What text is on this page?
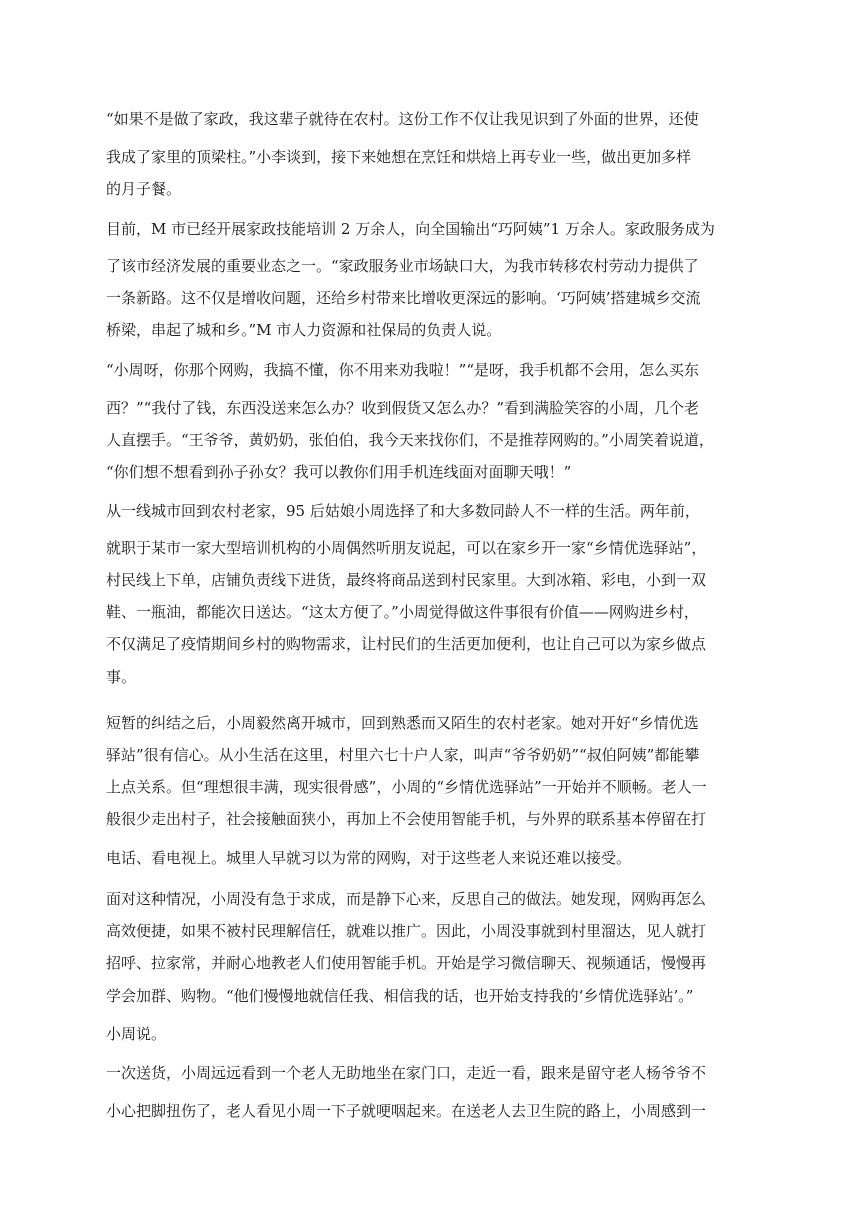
“如果不是做了家政，我这辈子就待在农村。这份工作不仅让我见识到了外面的世界，还使
我成了家里的顶梁柱。”小李谈到，接下来她想在烹饪和烘焙上再专业一些，做出更加多样
的月子餐。
目前，M 市已经开展家政技能培训 2 万余人，向全国输出“巧阿姨”1 万余人。家政服务成为
了该市经济发展的重要业态之一。“家政服务业市场缺口大，为我市转移农村劳动力提供了
一条新路。这不仅是增收问题，还给乡村带来比增收更深远的影响。‘巧阿姨’搭建城乡交流
桥梁，串起了城和乡。”M 市人力资源和社保局的负责人说。
“小周呀，你那个网购，我搞不懂，你不用来劝我啦！”“是呀，我手机都不会用，怎么买东
西？”“我付了钱，东西没送来怎么办？收到假货又怎么办？”看到满脸笑容的小周，几个老
人直摆手。“王爷爷，黄奶奶，张伯伯，我今天来找你们，不是推荐网购的。”小周笑着说道，
“你们想不想看到孙子孙女？我可以教你们用手机连线面对面聊天哦！”
从一线城市回到农村老家，95 后姑娘小周选择了和大多数同龄人不一样的生活。两年前，
就职于某市一家大型培训机构的小周偶然听朋友说起，可以在家乡开一家“乡情优选驿站”，
村民线上下单，店铺负责线下进货，最终将商品送到村民家里。大到冰箱、彩电，小到一双
鞋、一瓶油，都能次日送达。“这太方便了。”小周觉得做这件事很有价值——网购进乡村，
不仅满足了疫情期间乡村的购物需求，让村民们的生活更加便利，也让自己可以为家乡做点
事。
短暂的纠结之后，小周毅然离开城市，回到熟悉而又陌生的农村老家。她对开好“乡情优选
驿站”很有信心。从小生活在这里，村里六七十户人家，叫声“爷爷奶奶”“叔伯阿姨”都能攀
上点关系。但“理想很丰满，现实很骨感”，小周的“乡情优选驿站”一开始并不顺畅。老人一
般很少走出村子，社会接触面狭小，再加上不会使用智能手机，与外界的联系基本停留在打
电话、看电视上。城里人早就习以为常的网购，对于这些老人来说还难以接受。
面对这种情况，小周没有急于求成，而是静下心来，反思自己的做法。她发现，网购再怎么
高效便捷，如果不被村民理解信任，就难以推广。因此，小周没事就到村里溜达，见人就打
招呼、拉家常，并耐心地教老人们使用智能手机。开始是学习微信聊天、视频通话，慢慢再
学会加群、购物。“他们慢慢地就信任我、相信我的话，也开始支持我的‘乡情优选驿站’。”
小周说。
一次送货，小周远远看到一个老人无助地坐在家门口，走近一看，跟来是留守老人杨爷爷不
小心把脚扭伤了，老人看见小周一下子就哽咽起来。在送老人去卫生院的路上，小周感到一
